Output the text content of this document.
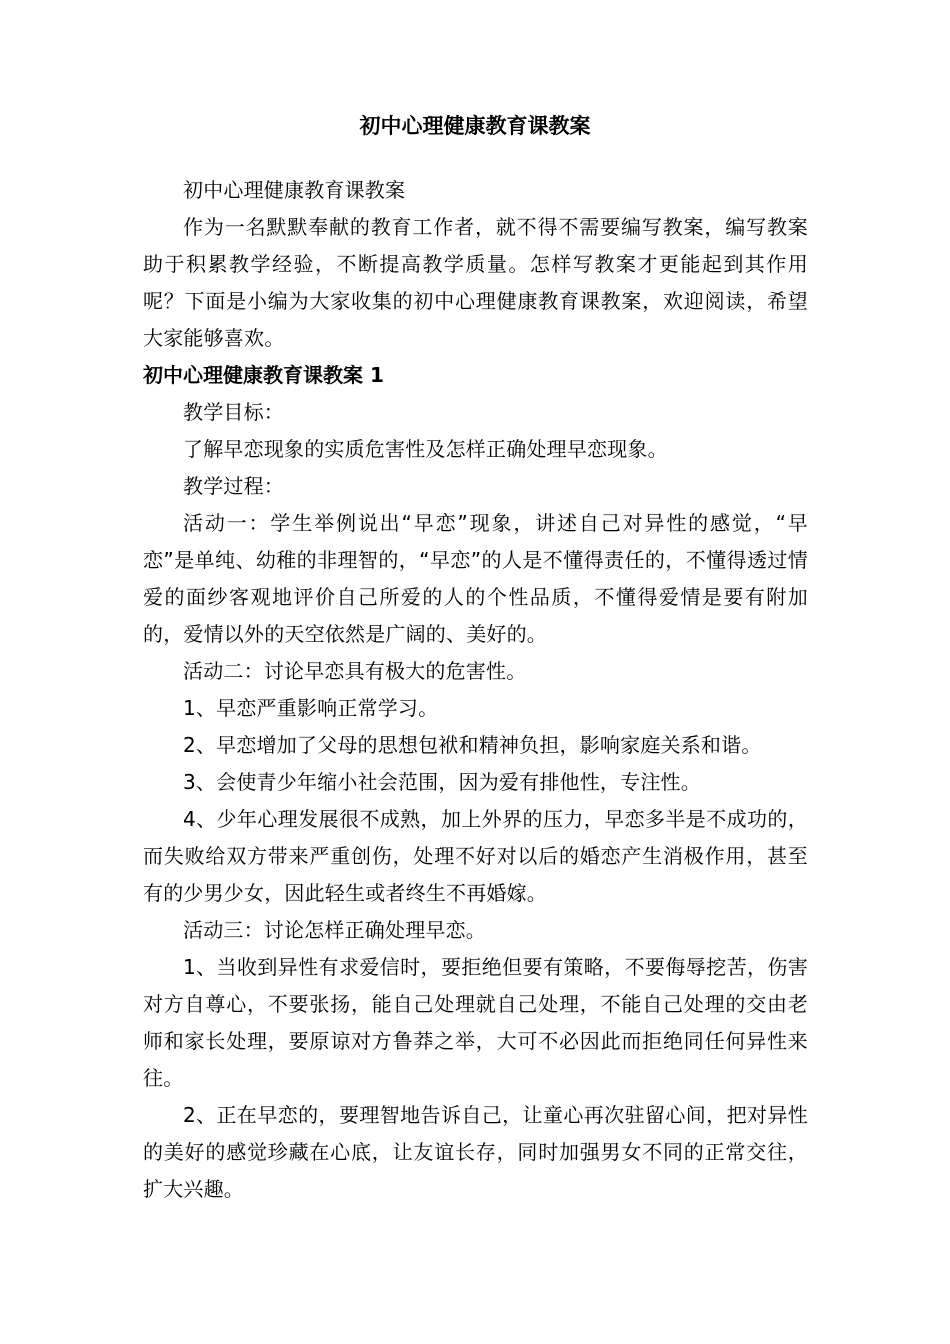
初中心理健康教育课教案

初中心理健康教育课教案

作为一名默默奉献的教育工作者，就不得不需要编写教案，编写教案助于积累教学经验，不断提高教学质量。怎样写教案才更能起到其作用呢？下面是小编为大家收集的初中心理健康教育课教案，欢迎阅读，希望大家能够喜欢。

初中心理健康教育课教案 1

教学目标：

了解早恋现象的实质危害性及怎样正确处理早恋现象。

教学过程：

活动一：学生举例说出“早恋”现象，讲述自己对异性的感觉，“早恋”是单纯、幼稚的非理智的，“早恋”的人是不懂得责任的，不懂得透过情爱的面纱客观地评价自己所爱的人的个性品质，不懂得爱情是要有附加的，爱情以外的天空依然是广阔的、美好的。

活动二：讨论早恋具有极大的危害性。

1、早恋严重影响正常学习。

2、早恋增加了父母的思想包袱和精神负担，影响家庭关系和谐。

3、会使青少年缩小社会范围，因为爱有排他性，专注性。

4、少年心理发展很不成熟，加上外界的压力，早恋多半是不成功的，而失败给双方带来严重创伤，处理不好对以后的婚恋产生消极作用，甚至有的少男少女，因此轻生或者终生不再婚嫁。

活动三：讨论怎样正确处理早恋。

1、当收到异性有求爱信时，要拒绝但要有策略，不要侮辱挖苦，伤害对方自尊心，不要张扬，能自己处理就自己处理，不能自己处理的交由老师和家长处理，要原谅对方鲁莽之举，大可不必因此而拒绝同任何异性来往。

2、正在早恋的，要理智地告诉自己，让童心再次驻留心间，把对异性的美好的感觉珍藏在心底，让友谊长存，同时加强男女不同的正常交往，扩大兴趣。
